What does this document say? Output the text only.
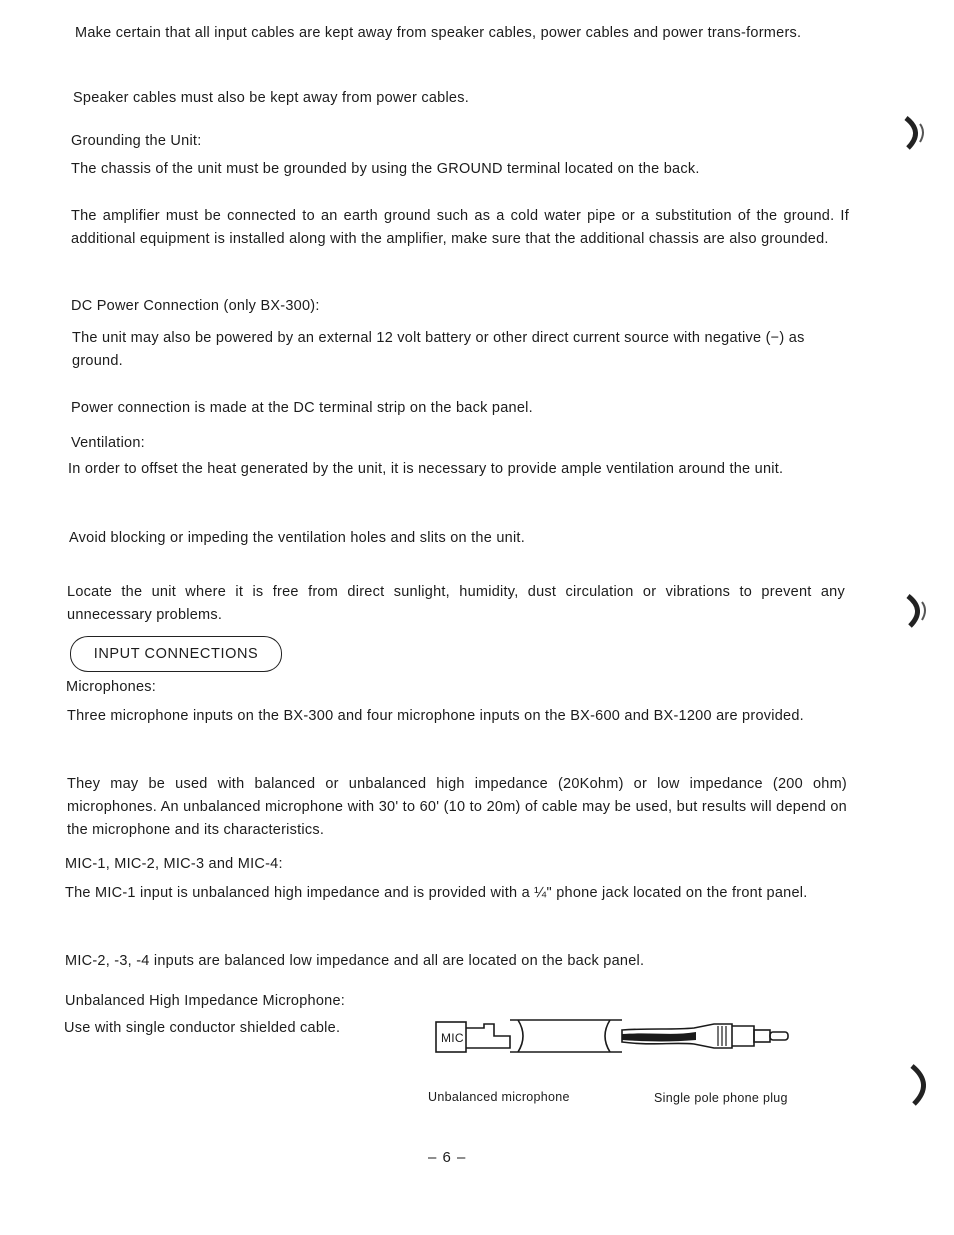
Make certain that all input cables are kept away from speaker cables, power cables and power trans-formers.
Speaker cables must also be kept away from power cables.
Grounding the Unit:
The chassis of the unit must be grounded by using the GROUND terminal located on the back.
The amplifier must be connected to an earth ground such as a cold water pipe or a substitution of the ground. If additional equipment is installed along with the amplifier, make sure that the additional chassis are also grounded.
DC Power Connection (only BX-300):
The unit may also be powered by an external 12 volt battery or other direct current source with negative (−) as ground.
Power connection is made at the DC terminal strip on the back panel.
Ventilation:
In order to offset the heat generated by the unit, it is necessary to provide ample ventilation around the unit.
Avoid blocking or impeding the ventilation holes and slits on the unit.
Locate the unit where it is free from direct sunlight, humidity, dust circulation or vibrations to prevent any unnecessary problems.
INPUT CONNECTIONS
Microphones:
Three microphone inputs on the BX-300 and four microphone inputs on the BX-600 and BX-1200 are provided.
They may be used with balanced or unbalanced high impedance (20Kohm) or low impedance (200 ohm) microphones. An unbalanced microphone with 30' to 60' (10 to 20m) of cable may be used, but results will depend on the microphone and its characteristics.
MIC-1, MIC-2, MIC-3 and MIC-4:
The MIC-1 input is unbalanced high impedance and is provided with a ¼" phone jack located on the front panel.
MIC-2, -3, -4 inputs are balanced low impedance and all are located on the back panel.
Unbalanced High Impedance Microphone:
Use with single conductor shielded cable.
MIC
Unbalanced microphone	Single pole phone plug
– 6 –
